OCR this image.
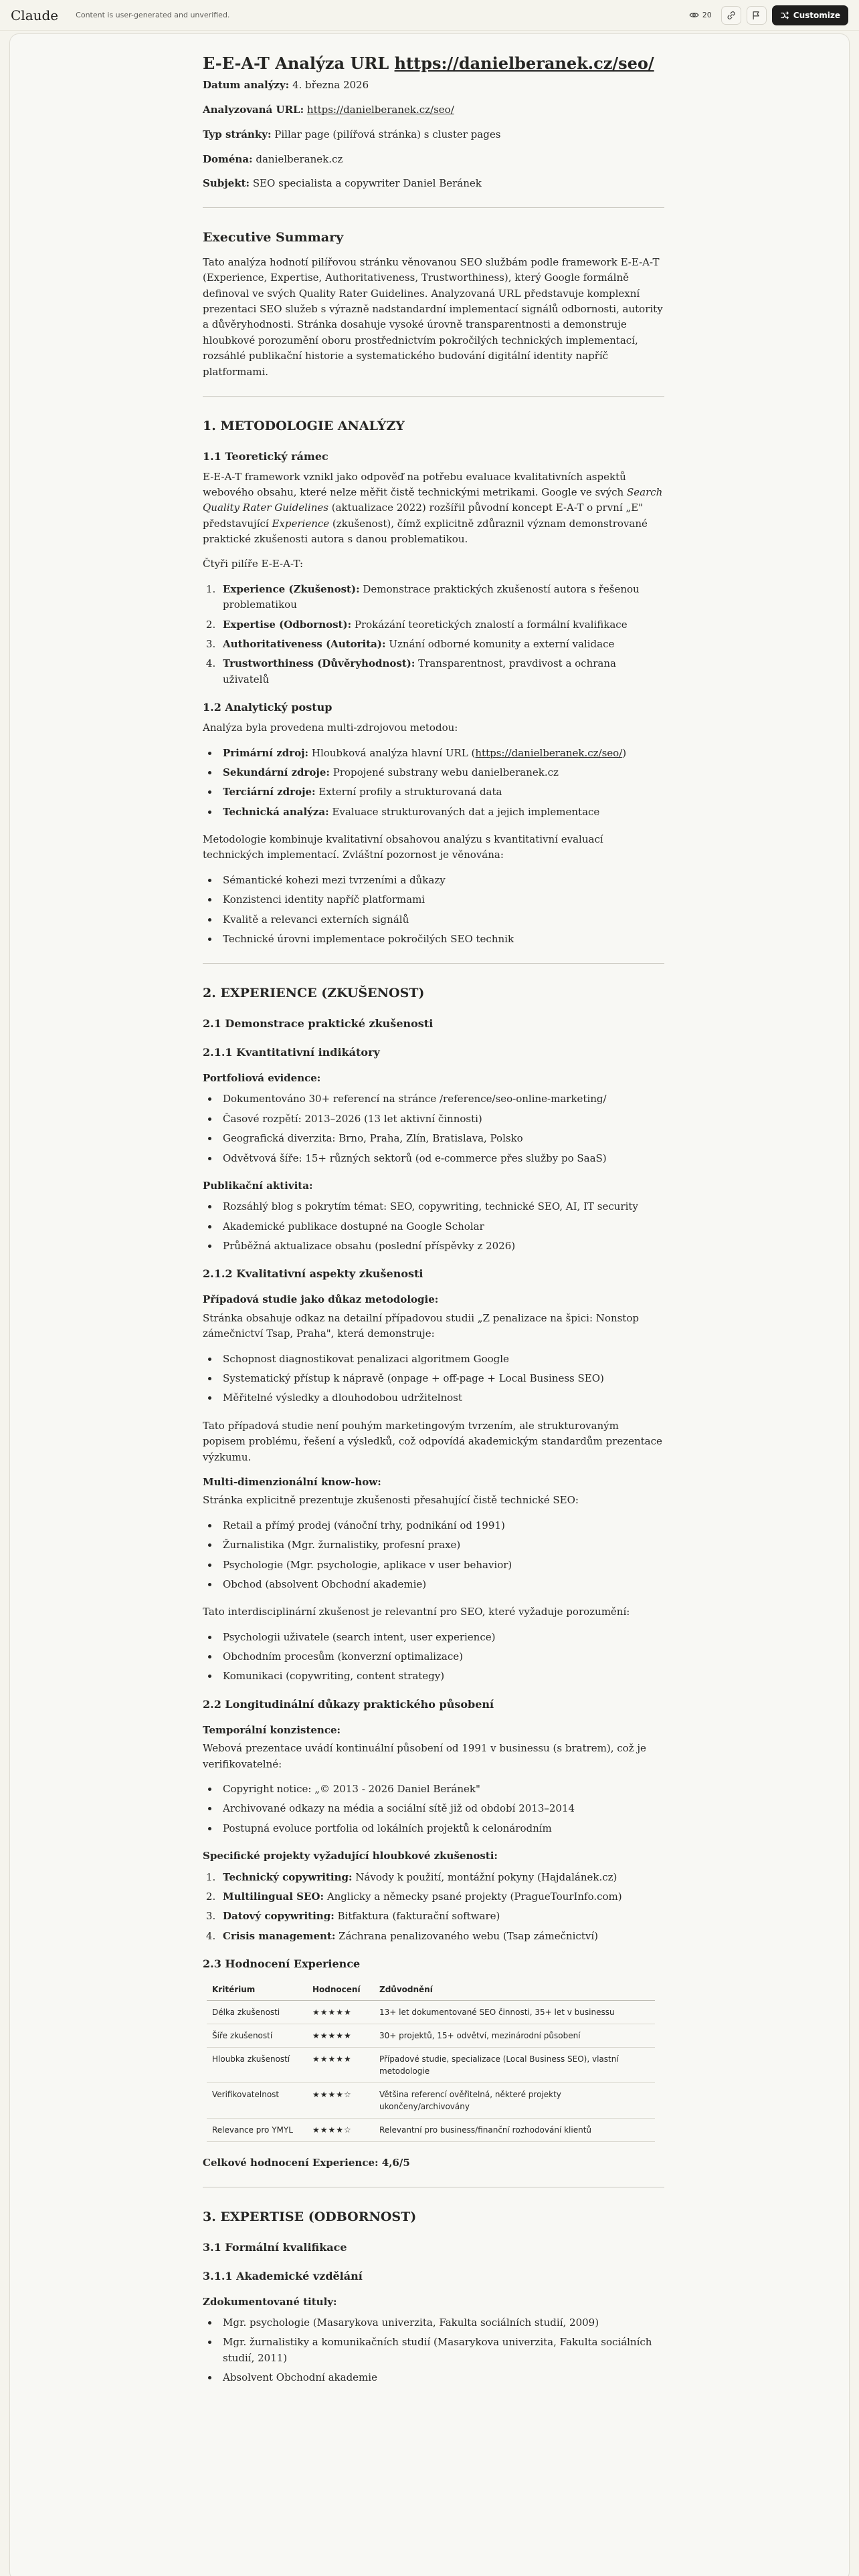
Claude Content is user-generated and unverified.	20	Customize
E-E-A-T Analýza URL https://danielberanek.cz/seo/

Datum analýzy: 4. března 2026

Analyzovaná URL: https://danielberanek.cz/seo/

Typ stránky: Pillar page (pilířová stránka) s cluster pages

Doména: danielberanek.cz

Subjekt: SEO specialista a copywriter Daniel Beránek

Executive Summary

Tato analýza hodnotí pilířovou stránku věnovanou SEO službám podle framework E-E-A-T (Experience, Expertise, Authoritativeness, Trustworthiness), který Google formálně definoval ve svých Quality Rater Guidelines. Analyzovaná URL představuje komplexní prezentaci SEO služeb s výrazně nadstandardní implementací signálů odbornosti, autority a důvěryhodnosti. Stránka dosahuje vysoké úrovně transparentnosti a demonstruje hloubkové porozumění oboru prostřednictvím pokročilých technických implementací, rozsáhlé publikační historie a systematického budování digitální identity napříč platformami.

1. METODOLOGIE ANALÝZY
1.1 Teoretický rámec

E-E-A-T framework vznikl jako odpověď na potřebu evaluace kvalitativních aspektů webového obsahu, které nelze měřit čistě technickými metrikami. Google ve svých Search Quality Rater Guidelines (aktualizace 2022) rozšířil původní koncept E-A-T o první „E" představující Experience (zkušenost), čímž explicitně zdůraznil význam demonstrované praktické zkušenosti autora s danou problematikou.

Čtyři pilíře E-E-A-T:

1. Experience (Zkušenost): Demonstrace praktických zkušeností autora s řešenou problematikou
2. Expertise (Odbornost): Prokázání teoretických znalostí a formální kvalifikace
3. Authoritativeness (Autorita): Uznání odborné komunity a externí validace
4. Trustworthiness (Důvěryhodnost): Transparentnost, pravdivost a ochrana uživatelů
1.2 Analytický postup

Analýza byla provedena multi-zdrojovou metodou:

• Primární zdroj: Hloubková analýza hlavní URL (https://danielberanek.cz/seo/)
• Sekundární zdroje: Propojené substrany webu danielberanek.cz
• Terciární zdroje: Externí profily a strukturovaná data
• Technická analýza: Evaluace strukturovaných dat a jejich implementace

Metodologie kombinuje kvalitativní obsahovou analýzu s kvantitativní evaluací technických implementací. Zvláštní pozornost je věnována:

• Sémantické kohezi mezi tvrzeními a důkazy
• Konzistenci identity napříč platformami
• Kvalitě a relevanci externích signálů
• Technické úrovni implementace pokročilých SEO technik
2. EXPERIENCE (ZKUŠENOST)
2.1 Demonstrace praktické zkušenosti
2.1.1 Kvantitativní indikátory
Portfoliová evidence:
• Dokumentováno 30+ referencí na stránce /reference/seo-online-marketing/
• Časové rozpětí: 2013–2026 (13 let aktivní činnosti)
• Geografická diverzita: Brno, Praha, Zlín, Bratislava, Polsko
• Odvětvová šíře: 15+ různých sektorů (od e-commerce přes služby po SaaS)
Publikační aktivita:
• Rozsáhlý blog s pokrytím témat: SEO, copywriting, technické SEO, AI, IT security
• Akademické publikace dostupné na Google Scholar
• Průběžná aktualizace obsahu (poslední příspěvky z 2026)
2.1.2 Kvalitativní aspekty zkušenosti
Případová studie jako důkaz metodologie:

Stránka obsahuje odkaz na detailní případovou studii „Z penalizace na špici: Nonstop zámečnictví Tsap, Praha", která demonstruje:

• Schopnost diagnostikovat penalizaci algoritmem Google
• Systematický přístup k nápravě (onpage + off-page + Local Business SEO)
• Měřitelné výsledky a dlouhodobou udržitelnost

Tato případová studie není pouhým marketingovým tvrzením, ale strukturovaným popisem problému, řešení a výsledků, což odpovídá akademickým standardům prezentace výzkumu.

Multi-dimenzionální know-how:

Stránka explicitně prezentuje zkušenosti přesahující čistě technické SEO:

• Retail a přímý prodej (vánoční trhy, podnikání od 1991)
• Žurnalistika (Mgr. žurnalistiky, profesní praxe)
• Psychologie (Mgr. psychologie, aplikace v user behavior)
• Obchod (absolvent Obchodní akademie)

Tato interdisciplinární zkušenost je relevantní pro SEO, které vyžaduje porozumění:

• Psychologii uživatele (search intent, user experience)
• Obchodním procesům (konverzní optimalizace)
• Komunikaci (copywriting, content strategy)
2.2 Longitudinální důkazy praktického působení
Temporální konzistence:

Webová prezentace uvádí kontinuální působení od 1991 v businessu (s bratrem), což je verifikovatelné:

• Copyright notice: „© 2013 - 2026 Daniel Beránek"
• Archivované odkazy na média a sociální sítě již od období 2013–2014
• Postupná evoluce portfolia od lokálních projektů k celonárodním
Specifické projekty vyžadující hloubkové zkušenosti:
1. Technický copywriting: Návody k použití, montážní pokyny (Hajdalánek.cz)
2. Multilingual SEO: Anglicky a německy psané projekty (PragueTourInfo.com)
3. Datový copywriting: Bitfaktura (fakturační software)
4. Crisis management: Záchrana penalizovaného webu (Tsap zámečnictví)
2.3 Hodnocení Experience
Kritérium	Hodnocení	Zdůvodnění
Délka zkušenosti	★★★★★	13+ let dokumentované SEO činnosti, 35+ let v businessu
Šíře zkušeností	★★★★★	30+ projektů, 15+ odvětví, mezinárodní působení
Hloubka zkušeností	★★★★★	Případové studie, specializace (Local Business SEO), vlastní metodologie
Verifikovatelnost	★★★★☆	Většina referencí ověřitelná, některé projekty ukončeny/archivovány
Relevance pro YMYL	★★★★☆	Relevantní pro business/finanční rozhodování klientů

Celkové hodnocení Experience: 4,6/5

3. EXPERTISE (ODBORNOST)
3.1 Formální kvalifikace
3.1.1 Akademické vzdělání
Zdokumentované tituly:
• Mgr. psychologie (Masarykova univerzita, Fakulta sociálních studií, 2009)
• Mgr. žurnalistiky a komunikačních studií (Masarykova univerzita, Fakulta sociálních studií, 2011)
• Absolvent Obchodní akademie
